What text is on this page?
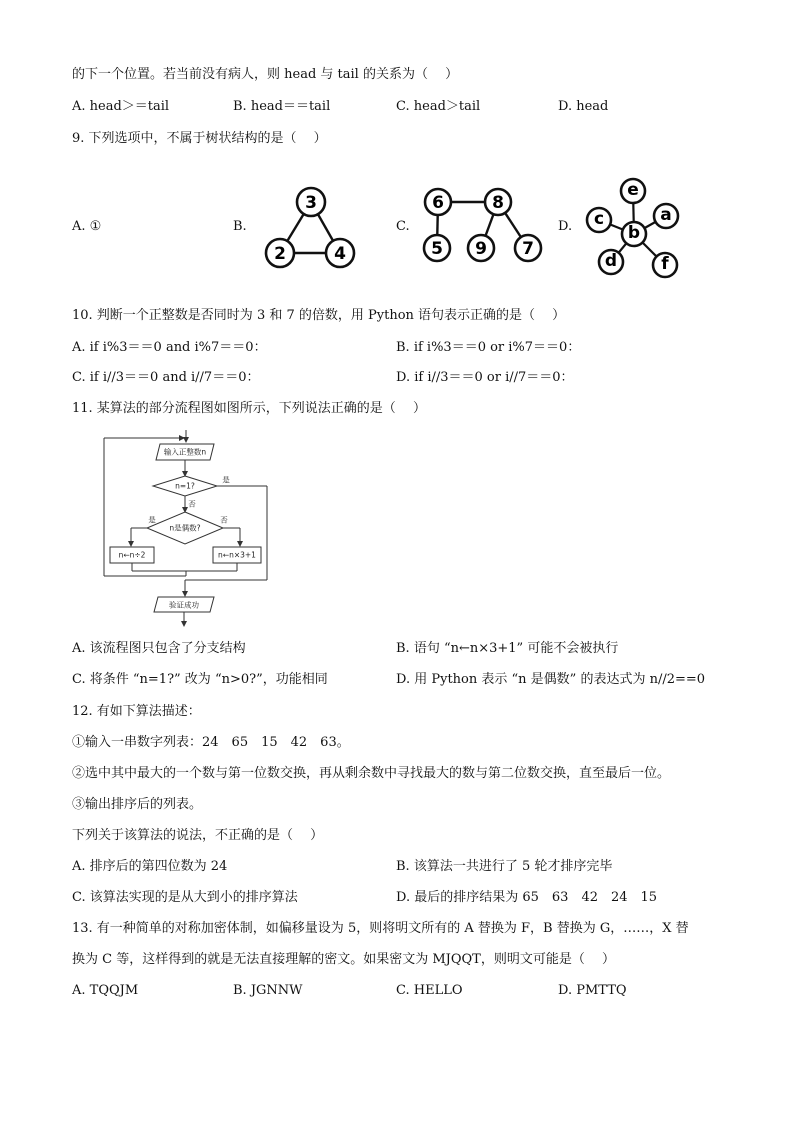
的下一个位置。若当前没有病人，则 head 与 tail 的关系为（　 ）
A. head＞＝tail	B. head＝＝tail	C. head＞tail	D. head
9. 下列选项中，不属于树状结构的是（　 ）
A. ①	B.	C.	D.
3
2	4
6	8
5 9 7
e
c
b
a
d	f
10. 判断一个正整数是否同时为 3 和 7 的倍数，用 Python 语句表示正确的是（　 ）
A. if i%3＝＝0 and i%7＝＝0：	B. if i%3＝＝0 or i%7＝＝0：
C. if i//3＝＝0 and i//7＝＝0：	D. if i//3＝＝0 or i//7＝＝0：
11. 某算法的部分流程图如图所示，下列说法正确的是（　 ）
输入正整数n
n=1?
是
否
n是偶数?
是	否
n←n÷2	n←n×3+1
验证成功
A. 该流程图只包含了分支结构	B. 语句 “n←n×3+1” 可能不会被执行
C. 将条件 “n=1?” 改为 “n>0?”，功能相同	D. 用 Python 表示 “n 是偶数” 的表达式为 n//2==0
12. 有如下算法描述：
①输入一串数字列表：24　65　15　42　63。
②选中其中最大的一个数与第一位数交换，再从剩余数中寻找最大的数与第二位数交换，直至最后一位。
③输出排序后的列表。
下列关于该算法的说法，不正确的是（　 ）
A. 排序后的第四位数为 24	B. 该算法一共进行了 5 轮才排序完毕
C. 该算法实现的是从大到小的排序算法	D. 最后的排序结果为 65　63　42　24　15
13. 有一种简单的对称加密体制，如偏移量设为 5，则将明文所有的 A 替换为 F，B 替换为 G，……，X 替
换为 C 等，这样得到的就是无法直接理解的密文。如果密文为 MJQQT，则明文可能是（　 ）
A. TQQJM	B. JGNNW	C. HELLO	D. PMTTQ
